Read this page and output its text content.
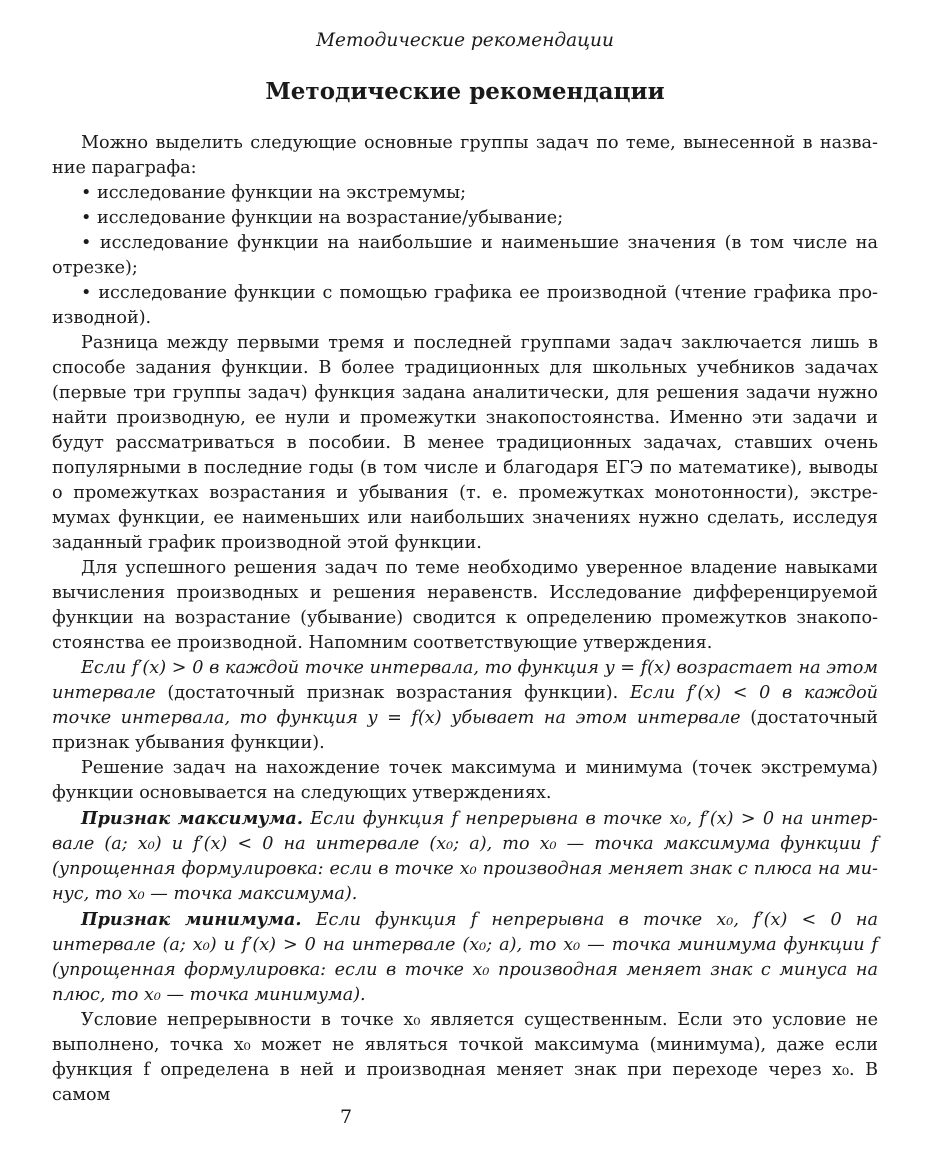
Методические рекомендации
Методические рекомендации

Можно выделить следующие основные группы задач по теме, вынесенной в название параграфа:

• исследование функции на экстремумы;

• исследование функции на возрастание/убывание;

• исследование функции на наибольшие и наименьшие значения (в том числе на отрезке);

• исследование функции с помощью графика ее производной (чтение графика производной).

Разница между первыми тремя и последней группами задач заключается лишь в способе задания функции. В более традиционных для школьных учебников задачах (первые три группы задач) функция задана аналитически, для решения задачи нужно найти производную, ее нули и промежутки знакопостоянства. Именно эти задачи и будут рассматриваться в пособии. В менее традиционных задачах, ставших очень популярными в последние годы (в том числе и благодаря ЕГЭ по математике), выводы о промежутках возрастания и убывания (т. е. промежутках монотонности), экстремумах функции, ее наименьших или наибольших значениях нужно сделать, исследуя заданный график производной этой функции.

Для успешного решения задач по теме необходимо уверенное владение навыками вычисления производных и решения неравенств. Исследование дифференцируемой функции на возрастание (убывание) сводится к определению промежутков знакопостоянства ее производной. Напомним соответствующие утверждения.

Если f′(x) > 0 в каждой точке интервала, то функция y = f(x) возрастает на этом интервале (достаточный признак возрастания функции). Если f′(x) < 0 в каждой точке интервала, то функция y = f(x) убывает на этом интервале (достаточный признак убывания функции).

Решение задач на нахождение точек максимума и минимума (точек экстремума) функции основывается на следующих утверждениях.

Признак максимума. Если функция f непрерывна в точке x₀, f′(x) > 0 на интервале (a; x₀) и f′(x) < 0 на интервале (x₀; a), то x₀ — точка максимума функции f (упрощенная формулировка: если в точке x₀ производная меняет знак с плюса на минус, то x₀ — точка максимума).

Признак минимума. Если функция f непрерывна в точке x₀, f′(x) < 0 на интервале (a; x₀) и f′(x) > 0 на интервале (x₀; a), то x₀ — точка минимума функции f (упрощенная формулировка: если в точке x₀ производная меняет знак с минуса на плюс, то x₀ — точка минимума).

Условие непрерывности в точке x₀ является существенным. Если это условие не выполнено, точка x₀ может не являться точкой максимума (минимума), даже если функция f определена в ней и производная меняет знак при переходе через x₀. В самом

7
